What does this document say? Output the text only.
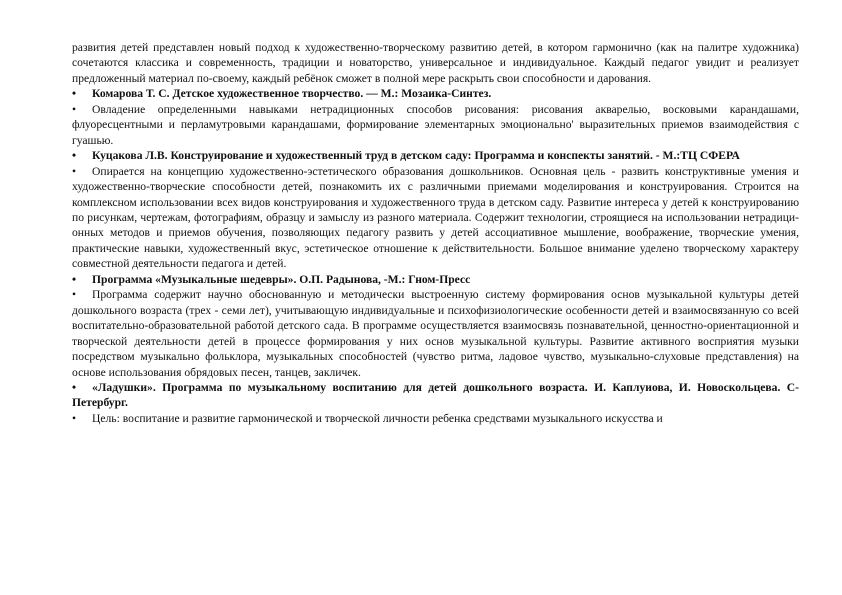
развития детей представлен новый подход к художественно-творческому развитию детей, в котором гармонично (как на палитре художника) сочетаются классика и современность, традиции и новаторство, универсальное и индивидуальное. Каждый педагог увидит и реализует предложенный материал по-своему, каждый ребёнок сможет в полной мере раскрыть свои способности и дарования.

• Комарова Т. С. Детское художественное творчество. — М.: Мозаика-Синтез.

• Овладение определенными навыками нетрадиционных способов рисования: рисования акварелью, восковыми карандашами, флуоресцентными и перламутровыми карандашами, формирование элементарных эмоционально' выразительных приемов взаимодействия с гуашью.

• Куцакова Л.В. Конструирование и художественный труд в детском саду: Программа и конспекты занятий. - М.:ТЦ СФЕРА

• Опирается на концепцию художественно-эстетического образования дошкольников. Основная цель - развить конструктивные умения и художественно-творческие способности детей, познакомить их с различными приемами моделирования и конструирования. Строится на комплексном использовании всех видов конструирования и художественного труда в детском саду. Развитие интереса у детей к конструированию по рисункам, чертежам, фотографиям, образцу и замыслу из разного материала. Содержит технологии, строящиеся на использовании нетрадици- онных методов и приемов обучения, позволяющих педагогу развить у детей ассоциативное мышление, воображение, творческие умения, практические навыки, художественный вкус, эстетическое отношение к действительности. Большое внимание уделено творческому характеру совместной деятельности педагога и детей.

• Программа «Музыкальные шедевры». О.П. Радынова, -М.: Гном-Пресс

• Программа содержит научно обоснованную и методически выстроенную систему формирования основ музыкальной культуры детей дошкольного возраста (трех - семи лет), учитывающую индивидуальные и психофизиологические особенности детей и взаимосвязанную со всей воспитательно-образовательной работой детского сада. В программе осуществляется взаимосвязь познавательной, ценностно-ориентационной и творческой деятельности детей в процессе формирования у них основ музыкальной культуры. Развитие активного восприятия музыки посредством музыкально фольклора, музыкальных способностей (чувство ритма, ладовое чувство, музыкально-слуховые представления) на основе использования обрядовых песен, танцев, закличек.

• «Ладушки». Программа по музыкальному воспитанию для детей дошкольного возраста. И. Каплуиова, И. Новоскольцева. С-Петербург.

• Цель: воспитание и развитие гармонической и творческой личности ребенка средствами музыкального искусства и
